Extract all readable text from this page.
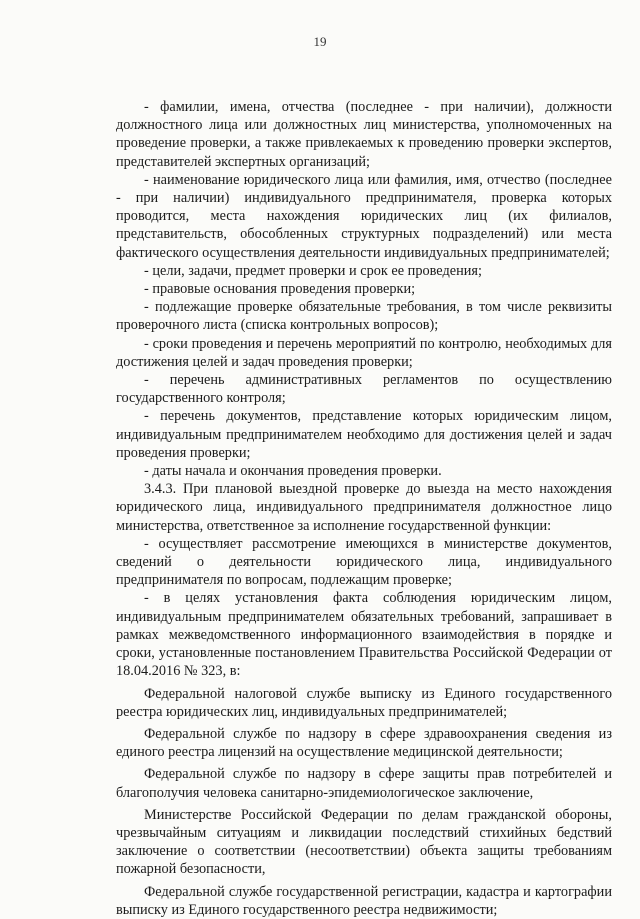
19

- фамилии, имена, отчества (последнее - при наличии), должности должностного лица или должностных лиц министерства, уполномоченных на проведение проверки, а также привлекаемых к проведению проверки экспертов, представителей экспертных организаций;

- наименование юридического лица или фамилия, имя, отчество (последнее - при наличии) индивидуального предпринимателя, проверка которых проводится, места нахождения юридических лиц (их филиалов, представительств, обособленных структурных подразделений) или места фактического осуществления деятельности индивидуальных предпринимателей;

- цели, задачи, предмет проверки и срок ее проведения;

- правовые основания проведения проверки;

- подлежащие проверке обязательные требования, в том числе реквизиты проверочного листа (списка контрольных вопросов);

- сроки проведения и перечень мероприятий по контролю, необходимых для достижения целей и задач проведения проверки;

- перечень административных регламентов по осуществлению государственного контроля;

- перечень документов, представление которых юридическим лицом, индивидуальным предпринимателем необходимо для достижения целей и задач проведения проверки;

- даты начала и окончания проведения проверки.

3.4.3. При плановой выездной проверке до выезда на место нахождения юридического лица, индивидуального предпринимателя должностное лицо министерства, ответственное за исполнение государственной функции:

- осуществляет рассмотрение имеющихся в министерстве документов, сведений о деятельности юридического лица, индивидуального предпринимателя по вопросам, подлежащим проверке;

- в целях установления факта соблюдения юридическим лицом, индивидуальным предпринимателем обязательных требований, запрашивает в рамках межведомственного информационного взаимодействия в порядке и сроки, установленные постановлением Правительства Российской Федерации от 18.04.2016 № 323, в:

Федеральной налоговой службе выписку из Единого государственного реестра юридических лиц, индивидуальных предпринимателей;

Федеральной службе по надзору в сфере здравоохранения сведения из единого реестра лицензий на осуществление медицинской деятельности;

Федеральной службе по надзору в сфере защиты прав потребителей и благополучия человека санитарно-эпидемиологическое заключение,

Министерстве Российской Федерации по делам гражданской обороны, чрезвычайным ситуациям и ликвидации последствий стихийных бедствий заключение о соответствии (несоответствии) объекта защиты требованиям пожарной безопасности,

Федеральной службе государственной регистрации, кадастра и картографии выписку из Единого государственного реестра недвижимости;
